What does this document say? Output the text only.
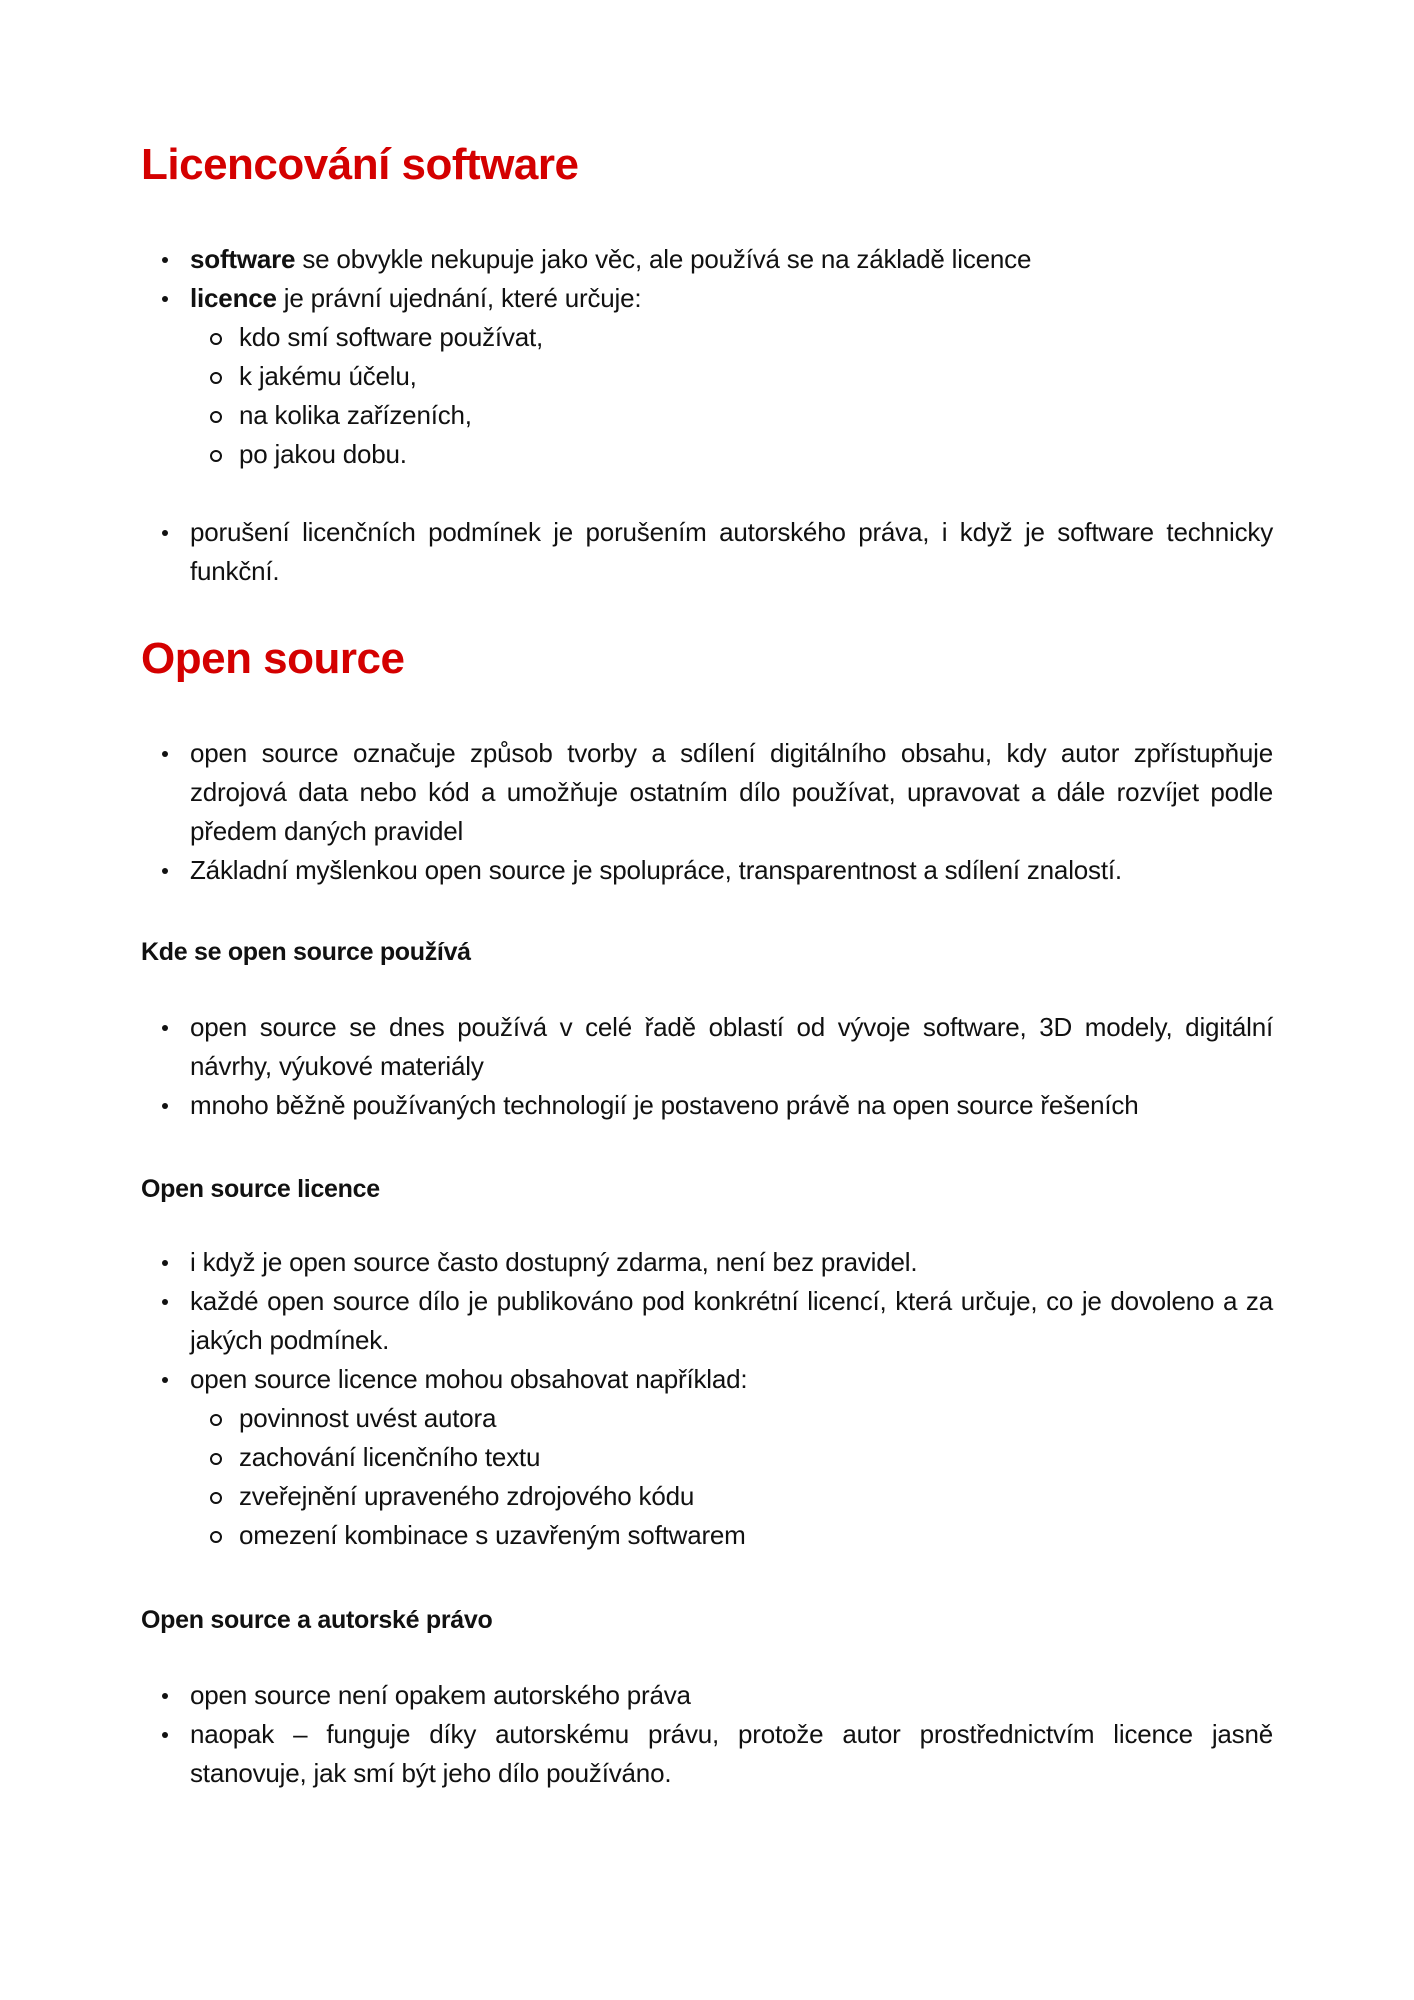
Licencování software
software se obvykle nekupuje jako věc, ale používá se na základě licence
licence je právní ujednání, které určuje:
kdo smí software používat,
k jakému účelu,
na kolika zařízeních,
po jakou dobu.
porušení licenčních podmínek je porušením autorského práva, i když je software technicky funkční.
Open source
open source označuje způsob tvorby a sdílení digitálního obsahu, kdy autor zpřístupňuje zdrojová data nebo kód a umožňuje ostatním dílo používat, upravovat a dále rozvíjet podle předem daných pravidel
Základní myšlenkou open source je spolupráce, transparentnost a sdílení znalostí.
Kde se open source používá
open source se dnes používá v celé řadě oblastí od vývoje software, 3D modely, digitální návrhy, výukové materiály
mnoho běžně používaných technologií je postaveno právě na open source řešeních
Open source licence
i když je open source často dostupný zdarma, není bez pravidel.
každé open source dílo je publikováno pod konkrétní licencí, která určuje, co je dovoleno a za jakých podmínek.
open source licence mohou obsahovat například:
povinnost uvést autora
zachování licenčního textu
zveřejnění upraveného zdrojového kódu
omezení kombinace s uzavřeným softwarem
Open source a autorské právo
open source není opakem autorského práva
naopak – funguje díky autorskému právu, protože autor prostřednictvím licence jasně stanovuje, jak smí být jeho dílo používáno.
